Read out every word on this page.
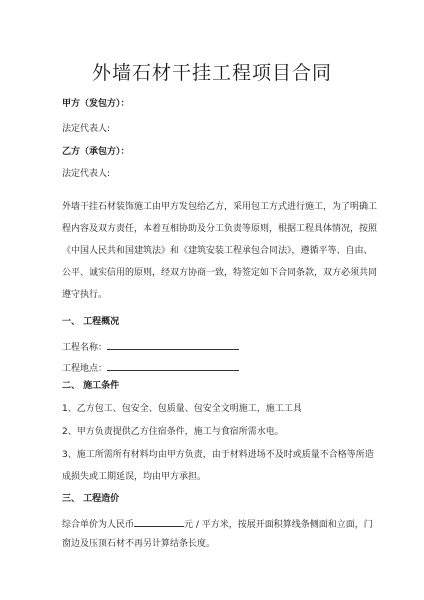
外墙石材干挂工程项目合同
甲方（发包方）：
法定代表人:
乙方（承包方）：
法定代表人:
外墙干挂石材装饰施工由甲方发包给乙方，采用包工方式进行施工，为了明确工
程内容及双方责任，本着互相协助及分工负责等原则，根据工程具体情况，按照
《中国人民共和国建筑法》和《建筑安装工程承包合同法》，遵循平等、自由、
公平、诚实信用的原则，经双方协商一致，特签定如下合同条款，双方必须共同
遵守执行。
一、 工程概况
工程名称：
工程地点：
二、 施工条件
1、乙方包工、包安全、包质量、包安全文明施工，施工工具
2、甲方负责提供乙方住宿条件，施工与食宿所需水电。
3、施工所需所有材料均由甲方负责，由于材料进场不及时或质量不合格等所造
成损失或工期延误，均由甲方承担。
三、 工程造价
综合单价为人民币	元 / 平方米，按展开面积算线条侧面和立面，门
窗边及压顶石材不再另计算结条长度。
